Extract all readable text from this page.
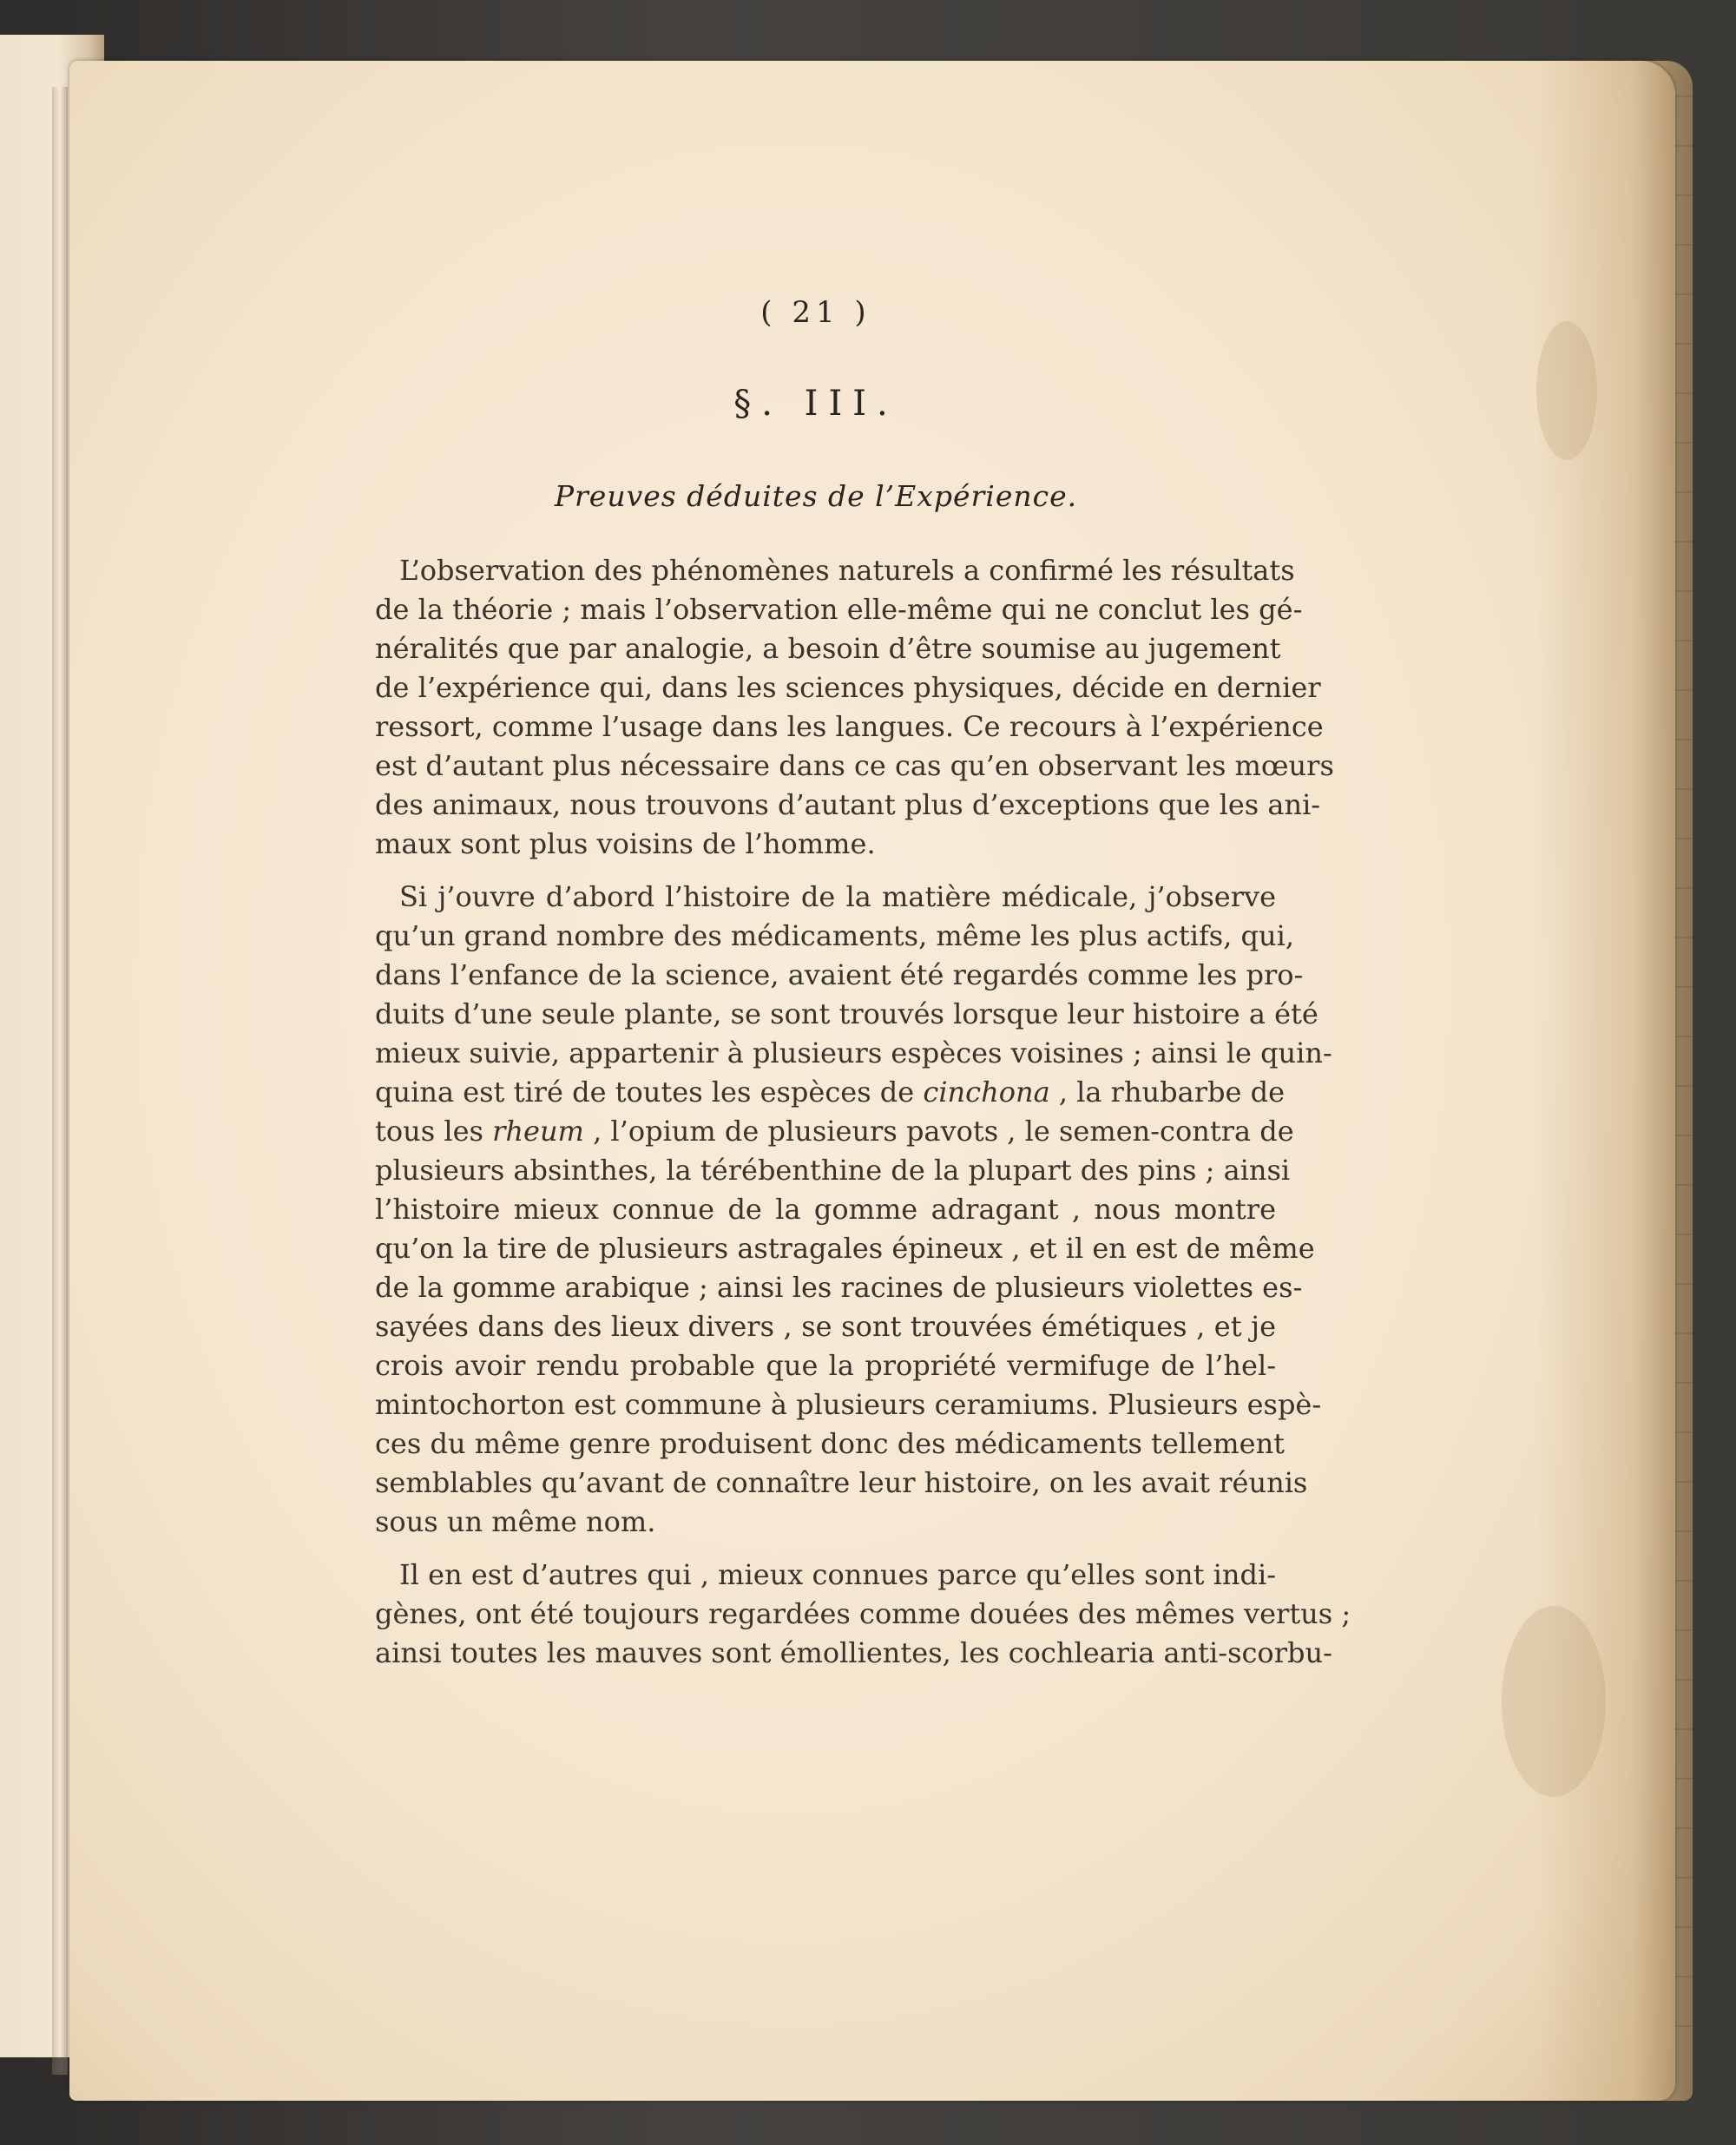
( 21 )
§. III.
Preuves déduites de l’Expérience.
L’observation des phénomènes naturels a confirmé les résultats
de la théorie ; mais l’observation elle-même qui ne conclut les gé-
néralités que par analogie, a besoin d’être soumise au jugement
de l’expérience qui, dans les sciences physiques, décide en dernier
ressort, comme l’usage dans les langues. Ce recours à l’expérience
est d’autant plus nécessaire dans ce cas qu’en observant les mœurs
des animaux, nous trouvons d’autant plus d’exceptions que les ani-
maux sont plus voisins de l’homme.
Si j’ouvre d’abord l’histoire de la matière médicale, j’observe
qu’un grand nombre des médicaments, même les plus actifs, qui,
dans l’enfance de la science, avaient été regardés comme les pro-
duits d’une seule plante, se sont trouvés lorsque leur histoire a été
mieux suivie, appartenir à plusieurs espèces voisines ; ainsi le quin-
quina est tiré de toutes les espèces de cinchona , la rhubarbe de
tous les rheum , l’opium de plusieurs pavots , le semen-contra de
plusieurs absinthes, la térébenthine de la plupart des pins ; ainsi
l’histoire mieux connue de la gomme adragant , nous montre
qu’on la tire de plusieurs astragales épineux , et il en est de même
de la gomme arabique ; ainsi les racines de plusieurs violettes es-
sayées dans des lieux divers , se sont trouvées émétiques , et je
crois avoir rendu probable que la propriété vermifuge de l’hel-
mintochorton est commune à plusieurs ceramiums. Plusieurs espè-
ces du même genre produisent donc des médicaments tellement
semblables qu’avant de connaître leur histoire, on les avait réunis
sous un même nom.
Il en est d’autres qui , mieux connues parce qu’elles sont indi-
gènes, ont été toujours regardées comme douées des mêmes vertus ;
ainsi toutes les mauves sont émollientes, les cochlearia anti-scorbu-
